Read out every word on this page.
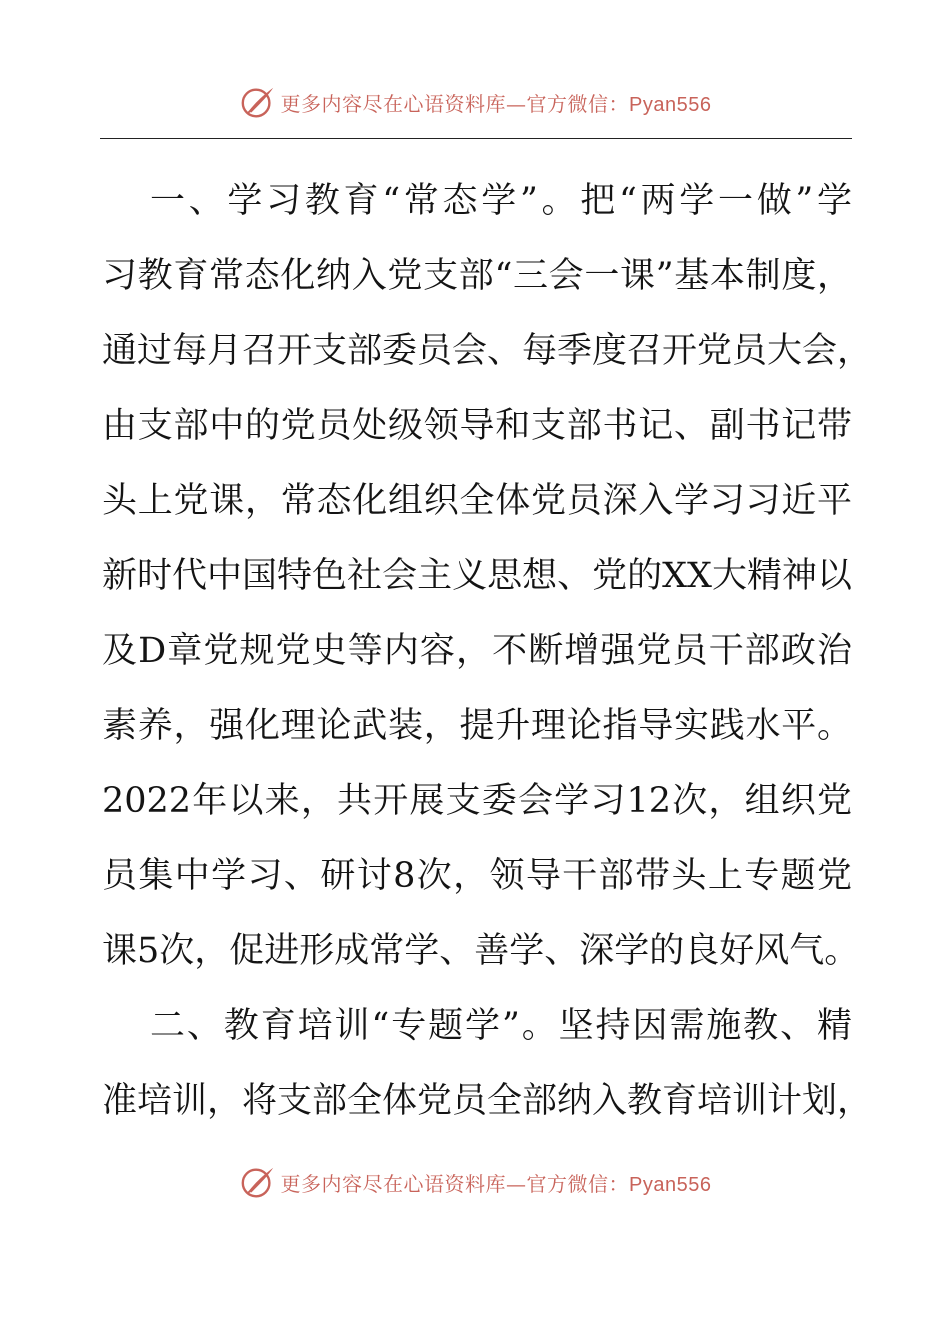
更多内容尽在心语资料库—官方微信：Pyan556
一、学习教育“常态学”。把“两学一做”学
习教育常态化纳入党支部“三会一课”基本制度，
通过每月召开支部委员会、每季度召开党员大会，
由支部中的党员处级领导和支部书记、副书记带
头上党课，常态化组织全体党员深入学习习近平
新时代中国特色社会主义思想、党的XX大精神以
及D章党规党史等内容，不断增强党员干部政治
素养，强化理论武装，提升理论指导实践水平。
2022年以来，共开展支委会学习12次，组织党
员集中学习、研讨8次，领导干部带头上专题党
课5次，促进形成常学、善学、深学的良好风气。
二、教育培训“专题学”。坚持因需施教、精
准培训，将支部全体党员全部纳入教育培训计划，
更多内容尽在心语资料库—官方微信：Pyan556
